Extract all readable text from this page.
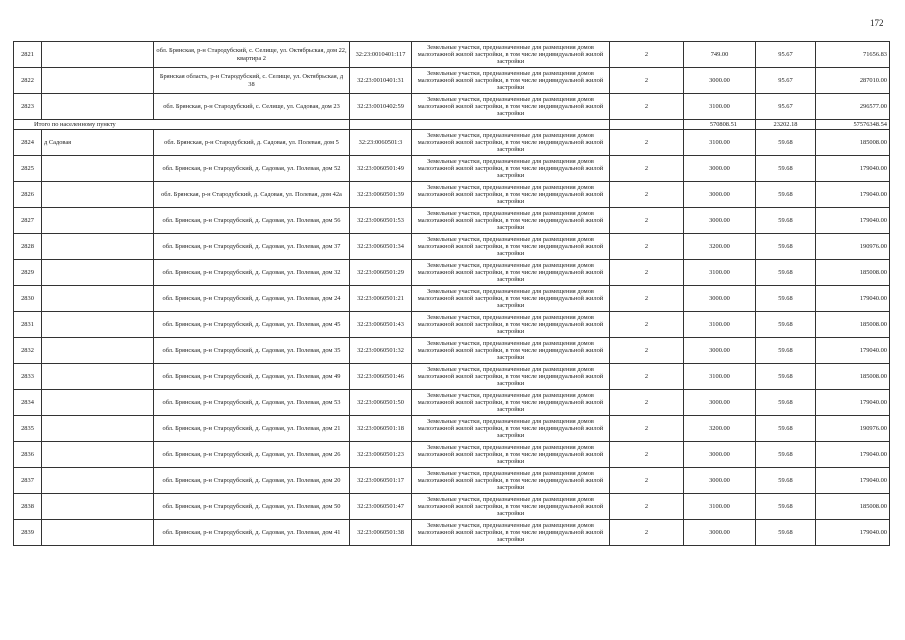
172
2821		обл. Брянская, р-н Стародубский, с. Селище, ул. Октябрьская, дом 22, квартира 2	32:23:0010401:117	Земельные участки, предназначенные для размещения домов малоэтажной жилой застройки, в том числе индивидуальной жилой застройки	2	749.00	95.67	71656.83
2822		Брянская область, р-н Стародубский, с. Селище, ул. Октябрьская, д 38	32:23:0010401:31	Земельные участки, предназначенные для размещения домов малоэтажной жилой застройки, в том числе индивидуальной жилой застройки	2	3000.00	95.67	287010.00
2823		обл. Брянская, р-н Стародубский, с. Селище, ул. Садовая, дом 23	32:23:0010402:59	Земельные участки, предназначенные для размещения домов малоэтажной жилой застройки, в том числе индивидуальной жилой застройки	2	3100.00	95.67	296577.00
Итого по населенному пункту						570808.51	23202.18	57576348.54
2824	д Садовая	обл. Брянская, р-н Стародубский, д. Садовая, ул. Полевая, дом 5	32:23:0060501:3	Земельные участки, предназначенные для размещения домов малоэтажной жилой застройки, в том числе индивидуальной жилой застройки	2	3100.00	59.68	185008.00
2825		обл. Брянская, р-н Стародубский, д. Садовая, ул. Полевая, дом 52	32:23:0060501:49	Земельные участки, предназначенные для размещения домов малоэтажной жилой застройки, в том числе индивидуальной жилой застройки	2	3000.00	59.68	179040.00
2826		обл. Брянская, р-н Стародубский, д. Садовая, ул. Полевая, дом 42а	32:23:0060501:39	Земельные участки, предназначенные для размещения домов малоэтажной жилой застройки, в том числе индивидуальной жилой застройки	2	3000.00	59.68	179040.00
2827		обл. Брянская, р-н Стародубский, д. Садовая, ул. Полевая, дом 56	32:23:0060501:53	Земельные участки, предназначенные для размещения домов малоэтажной жилой застройки, в том числе индивидуальной жилой застройки	2	3000.00	59.68	179040.00
2828		обл. Брянская, р-н Стародубский, д. Садовая, ул. Полевая, дом 37	32:23:0060501:34	Земельные участки, предназначенные для размещения домов малоэтажной жилой застройки, в том числе индивидуальной жилой застройки	2	3200.00	59.68	190976.00
2829		обл. Брянская, р-н Стародубский, д. Садовая, ул. Полевая, дом 32	32:23:0060501:29	Земельные участки, предназначенные для размещения домов малоэтажной жилой застройки, в том числе индивидуальной жилой застройки	2	3100.00	59.68	185008.00
2830		обл. Брянская, р-н Стародубский, д. Садовая, ул. Полевая, дом 24	32:23:0060501:21	Земельные участки, предназначенные для размещения домов малоэтажной жилой застройки, в том числе индивидуальной жилой застройки	2	3000.00	59.68	179040.00
2831		обл. Брянская, р-н Стародубский, д. Садовая, ул. Полевая, дом 45	32:23:0060501:43	Земельные участки, предназначенные для размещения домов малоэтажной жилой застройки, в том числе индивидуальной жилой застройки	2	3100.00	59.68	185008.00
2832		обл. Брянская, р-н Стародубский, д. Садовая, ул. Полевая, дом 35	32:23:0060501:32	Земельные участки, предназначенные для размещения домов малоэтажной жилой застройки, в том числе индивидуальной жилой застройки	2	3000.00	59.68	179040.00
2833		обл. Брянская, р-н Стародубский, д. Садовая, ул. Полевая, дом 49	32:23:0060501:46	Земельные участки, предназначенные для размещения домов малоэтажной жилой застройки, в том числе индивидуальной жилой застройки	2	3100.00	59.68	185008.00
2834		обл. Брянская, р-н Стародубский, д. Садовая, ул. Полевая, дом 53	32:23:0060501:50	Земельные участки, предназначенные для размещения домов малоэтажной жилой застройки, в том числе индивидуальной жилой застройки	2	3000.00	59.68	179040.00
2835		обл. Брянская, р-н Стародубский, д. Садовая, ул. Полевая, дом 21	32:23:0060501:18	Земельные участки, предназначенные для размещения домов малоэтажной жилой застройки, в том числе индивидуальной жилой застройки	2	3200.00	59.68	190976.00
2836		обл. Брянская, р-н Стародубский, д. Садовая, ул. Полевая, дом 26	32:23:0060501:23	Земельные участки, предназначенные для размещения домов малоэтажной жилой застройки, в том числе индивидуальной жилой застройки	2	3000.00	59.68	179040.00
2837		обл. Брянская, р-н Стародубский, д. Садовая, ул. Полевая, дом 20	32:23:0060501:17	Земельные участки, предназначенные для размещения домов малоэтажной жилой застройки, в том числе индивидуальной жилой застройки	2	3000.00	59.68	179040.00
2838		обл. Брянская, р-н Стародубский, д. Садовая, ул. Полевая, дом 50	32:23:0060501:47	Земельные участки, предназначенные для размещения домов малоэтажной жилой застройки, в том числе индивидуальной жилой застройки	2	3100.00	59.68	185008.00
2839		обл. Брянская, р-н Стародубский, д. Садовая, ул. Полевая, дом 41	32:23:0060501:38	Земельные участки, предназначенные для размещения домов малоэтажной жилой застройки, в том числе индивидуальной жилой застройки	2	3000.00	59.68	179040.00
